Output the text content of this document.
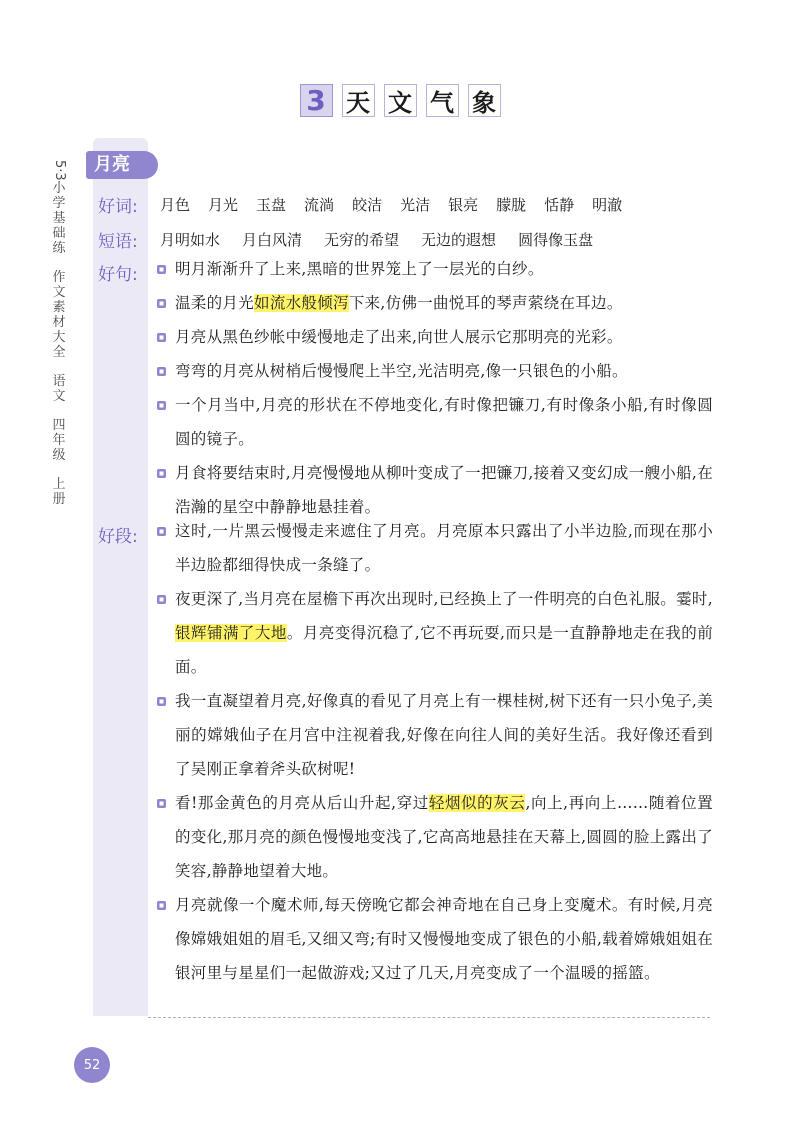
3 天 文 气 象
5·3
小
学
基
础
练
作
文
素
材
大
全
语
文
四
年
级
上
册
月亮
好词: 月色 月光 玉盘 流淌 皎洁 光洁 银亮 朦胧 恬静 明澈
短语: 月明如水 月白风清 无穷的希望 无边的遐想 圆得像玉盘
好句:	明月渐渐升了上来,黑暗的世界笼上了一层光的白纱。
温柔的月光如流水般倾泻下来,仿佛一曲悦耳的琴声萦绕在耳边。
月亮从黑色纱帐中缓慢地走了出来,向世人展示它那明亮的光彩。
弯弯的月亮从树梢后慢慢爬上半空,光洁明亮,像一只银色的小船。
一个月当中,月亮的形状在不停地变化,有时像把镰刀,有时像条小船,有时像圆圆的镜子。
月食将要结束时,月亮慢慢地从柳叶变成了一把镰刀,接着又变幻成一艘小船,在浩瀚的星空中静静地悬挂着。
好段:	这时,一片黑云慢慢走来遮住了月亮。月亮原本只露出了小半边脸,而现在那小半边脸都细得快成一条缝了。
夜更深了,当月亮在屋檐下再次出现时,已经换上了一件明亮的白色礼服。霎时,银辉铺满了大地。月亮变得沉稳了,它不再玩耍,而只是一直静静地走在我的前面。
我一直凝望着月亮,好像真的看见了月亮上有一棵桂树,树下还有一只小兔子,美丽的嫦娥仙子在月宫中注视着我,好像在向往人间的美好生活。我好像还看到了吴刚正拿着斧头砍树呢!
看!那金黄色的月亮从后山升起,穿过轻烟似的灰云,向上,再向上……随着位置的变化,那月亮的颜色慢慢地变浅了,它高高地悬挂在天幕上,圆圆的脸上露出了笑容,静静地望着大地。
月亮就像一个魔术师,每天傍晚它都会神奇地在自己身上变魔术。有时候,月亮像嫦娥姐姐的眉毛,又细又弯;有时又慢慢地变成了银色的小船,载着嫦娥姐姐在银河里与星星们一起做游戏;又过了几天,月亮变成了一个温暖的摇篮。
52
